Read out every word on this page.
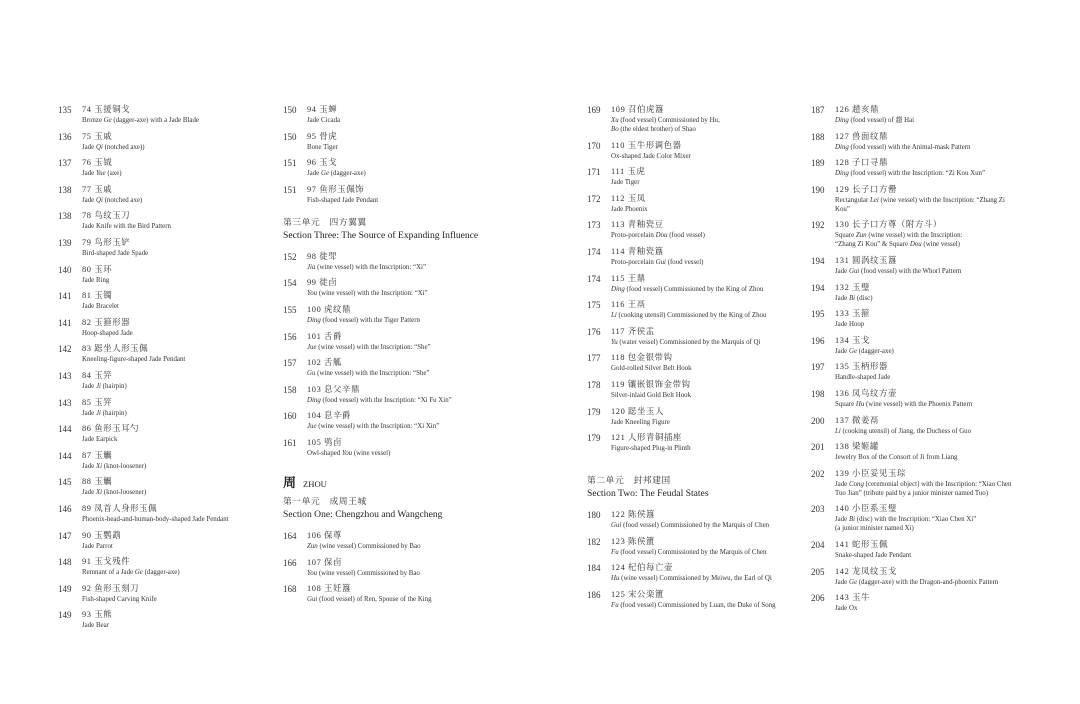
135 74 玉援铜戈
Bronze Ge (dagger-axe) with a Jade Blade
136 75 玉戚
Jade Qi (notched axe))
137 76 玉钺
Jade Yue (axe)
138 77 玉戚
Jade Qi (notched axe)
138 78 鸟纹玉刀
Jade Knife with the Bird Pattern
139 79 鸟形玉铲
Bird-shaped Jade Spade
140 80 玉环
Jade Ring
141 81 玉镯
Jade Bracelet
141 82 玉箍形器
Hoop-shaped Jade
142 83 跽坐人形玉佩
Kneeling-figure-shaped Jade Pendant
143 84 玉笄
Jade Ji (hairpin)
143 85 玉笄
Jade Ji (hairpin)
144 86 鱼形玉耳勺
Jade Earpick
144 87 玉觽
Jade Xi (knot-loosener)
145 88 玉觽
Jade Xi (knot-loosener)
146 89 凤首人身形玉佩
Phoenix-head-and-human-body-shaped Jade Pendant
147 90 玉鹦鹉
Jade Parrot
148 91 玉戈残件
Remnant of a Jade Ge (dagger-axe)
149 92 鱼形玉刻刀
Fish-shaped Carving Knife
149 93 玉熊
Jade Bear
150 94 玉蝉
Jade Cicada
150 95 骨虎
Bone Tiger
151 96 玉戈
Jade Ge (dagger-axe)
151 97 鱼形玉佩饰
Fish-shaped Jade Pendant
第三单元　四方翼翼
Section Three: The Source of Expanding Influence
152 98 徙斝
Jia (wine vessel) with the Inscription: “Xi”
154 99 徙卣
You (wine vessel) with the Inscription: “Xi”
155 100 虎纹鼎
Ding (food vessel) with the Tiger Pattern
156 101 舌爵
Jue (wine vessel) with the Inscription: “She”
157 102 舌觚
Gu (wine vessel) with the Inscription: “She”
158 103 息父辛鼎
Ding (food vessel) with the Inscription: “Xi Fu Xin”
160 104 息辛爵
Jue (wine vessel) with the Inscription: “Xi Xin”
161 105 鸮卣
Owl-shaped You (wine vessel)
周 ZHOU
第一单元　成周王城
Section One: Chengzhou and Wangcheng
164 106 保尊
Zun (wine vessel) Commissioned by Bao
166 107 保卣
You (wine vessel) Commissioned by Bao
168 108 王妊簋
Gui (food vessel) of Ren, Spouse of the King
169 109 召伯虎簋
Xu (food vessel) Commissioned by Hu,
Bo (the eldest brother) of Shao
170 110 玉牛形调色器
Ox-shaped Jade Color Mixer
171 111 玉虎
Jade Tiger
172 112 玉凤
Jade Phoenix
173 113 青釉瓷豆
Proto-porcelain Dou (food vessel)
174 114 青釉瓷簋
Proto-porcelain Gui (food vessel)
174 115 王鼎
Ding (food vessel) Commissioned by the King of Zhou
175 116 王鬲
Li (cooking utensil) Commissioned by the King of Zhou
176 117 齐侯盂
Yu (water vessel) Commissioned by the Marquis of Qi
177 118 包金银带钩
Gold-rolled Silver Belt Hook
178 119 镶嵌银饰金带钩
Silver-inlaid Gold Belt Hook
179 120 跽坐玉人
Jade Kneeling Figure
179 121 人形青铜插座
Figure-shaped Plug-in Plinth
第二单元　封邦建国
Section Two: The Feudal States
180 122 陈侯簋
Gui (food vessel) Commissioned by the Marquis of Chen
182 123 陈侯簠
Fu (food vessel) Commissioned by the Marquis of Chen
184 124 杞伯每亡壶
Hu (wine vessel) Commissioned by Meiwu, the Earl of Qi
186 125 宋公栾簠
Fu (food vessel) Commissioned by Luan, the Duke of Song
187 126 趞亥鼎
Ding (food vessel) of 趞 Hai
188 127 兽面纹鼎
Ding (food vessel) with the Animal-mask Pattern
189 128 子口寻鼎
Ding (food vessel) with the Inscription: “Zi Kou Xun”
190 129 长子口方罍
Rectangular Lei (wine vessel) with the Inscription: “Zhang Zi Kou”
192 130 长子口方尊（附方斗）
Square Zun (wine vessel) with the Inscription:
“Zhang Zi Kou” & Square Dou (wine vessel)
194 131 圆涡纹玉簋
Jade Gui (food vessel) with the Whorl Pattern
194 132 玉璧
Jade Bi (disc)
195 133 玉箍
Jade Hoop
196 134 玉戈
Jade Ge (dagger-axe)
197 135 玉柄形器
Handle-shaped Jade
198 136 凤鸟纹方壶
Square Hu (wine vessel) with the Phoenix Pattern
200 137 微姜鬲
Li (cooking utensil) of Jiang, the Duchess of Guo
201 138 梁姬罐
Jewelry Box of the Consort of Ji from Liang
202 139 小臣妥见玉琮
Jade Cong (ceremonial object) with the Inscription: “Xiao Chen
Tuo Jian” (tribute paid by a junior minister named Tuo)
203 140 小臣系玉璧
Jade Bi (disc) with the Inscription: “Xiao Chen Xi”
(a junior minister named Xi)
204 141 蛇形玉佩
Snake-shaped Jade Pendant
205 142 龙凤纹玉戈
Jade Ge (dagger-axe) with the Dragon-and-phoenix Pattern
206 143 玉牛
Jade Ox
